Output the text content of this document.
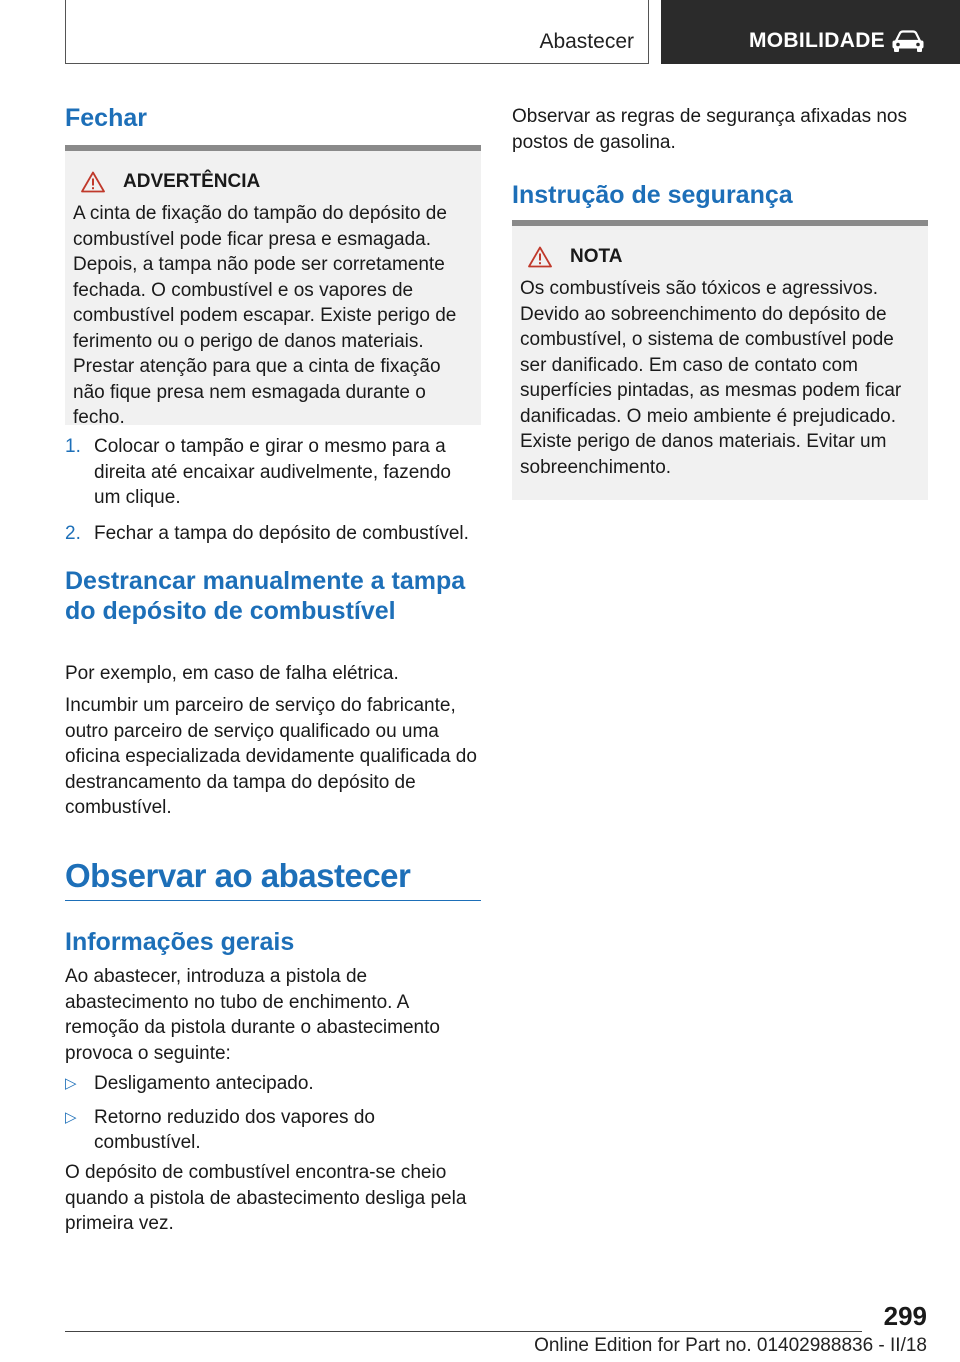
Abastecer	MOBILIDADE
Fechar
ADVERTÊNCIA

A cinta de fixação do tampão do depósito de combustível pode ficar presa e esmagada. Depois, a tampa não pode ser corretamente fechada. O combustível e os vapores de combustível podem escapar. Existe perigo de ferimento ou o perigo de danos materiais. Prestar atenção para que a cinta de fixação não fique presa nem esmagada durante o fecho.

1. Colocar o tampão e girar o mesmo para a direita até encaixar audivelmente, fazendo um clique.
2. Fechar a tampa do depósito de combustível.
Destrancar manualmente a tampa do depósito de combustível

Por exemplo, em caso de falha elétrica.

Incumbir um parceiro de serviço do fabricante, outro parceiro de serviço qualificado ou uma oficina especializada devidamente qualificada do destrancamento da tampa do depósito de combustível.

Observar ao abastecer
Informações gerais

Ao abastecer, introduza a pistola de abastecimento no tubo de enchimento. A remoção da pistola durante o abastecimento provoca o seguinte:

▷ Desligamento antecipado.
▷ Retorno reduzido dos vapores do combustível.

O depósito de combustível encontra-se cheio quando a pistola de abastecimento desliga pela primeira vez.

Observar as regras de segurança afixadas nos postos de gasolina.

Instrução de segurança
NOTA

Os combustíveis são tóxicos e agressivos. Devido ao sobreenchimento do depósito de combustível, o sistema de combustível pode ser danificado. Em caso de contato com superfícies pintadas, as mesmas podem ficar danificadas. O meio ambiente é prejudicado. Existe perigo de danos materiais. Evitar um sobreenchimento.

299
Online Edition for Part no. 01402988836 - II/18
